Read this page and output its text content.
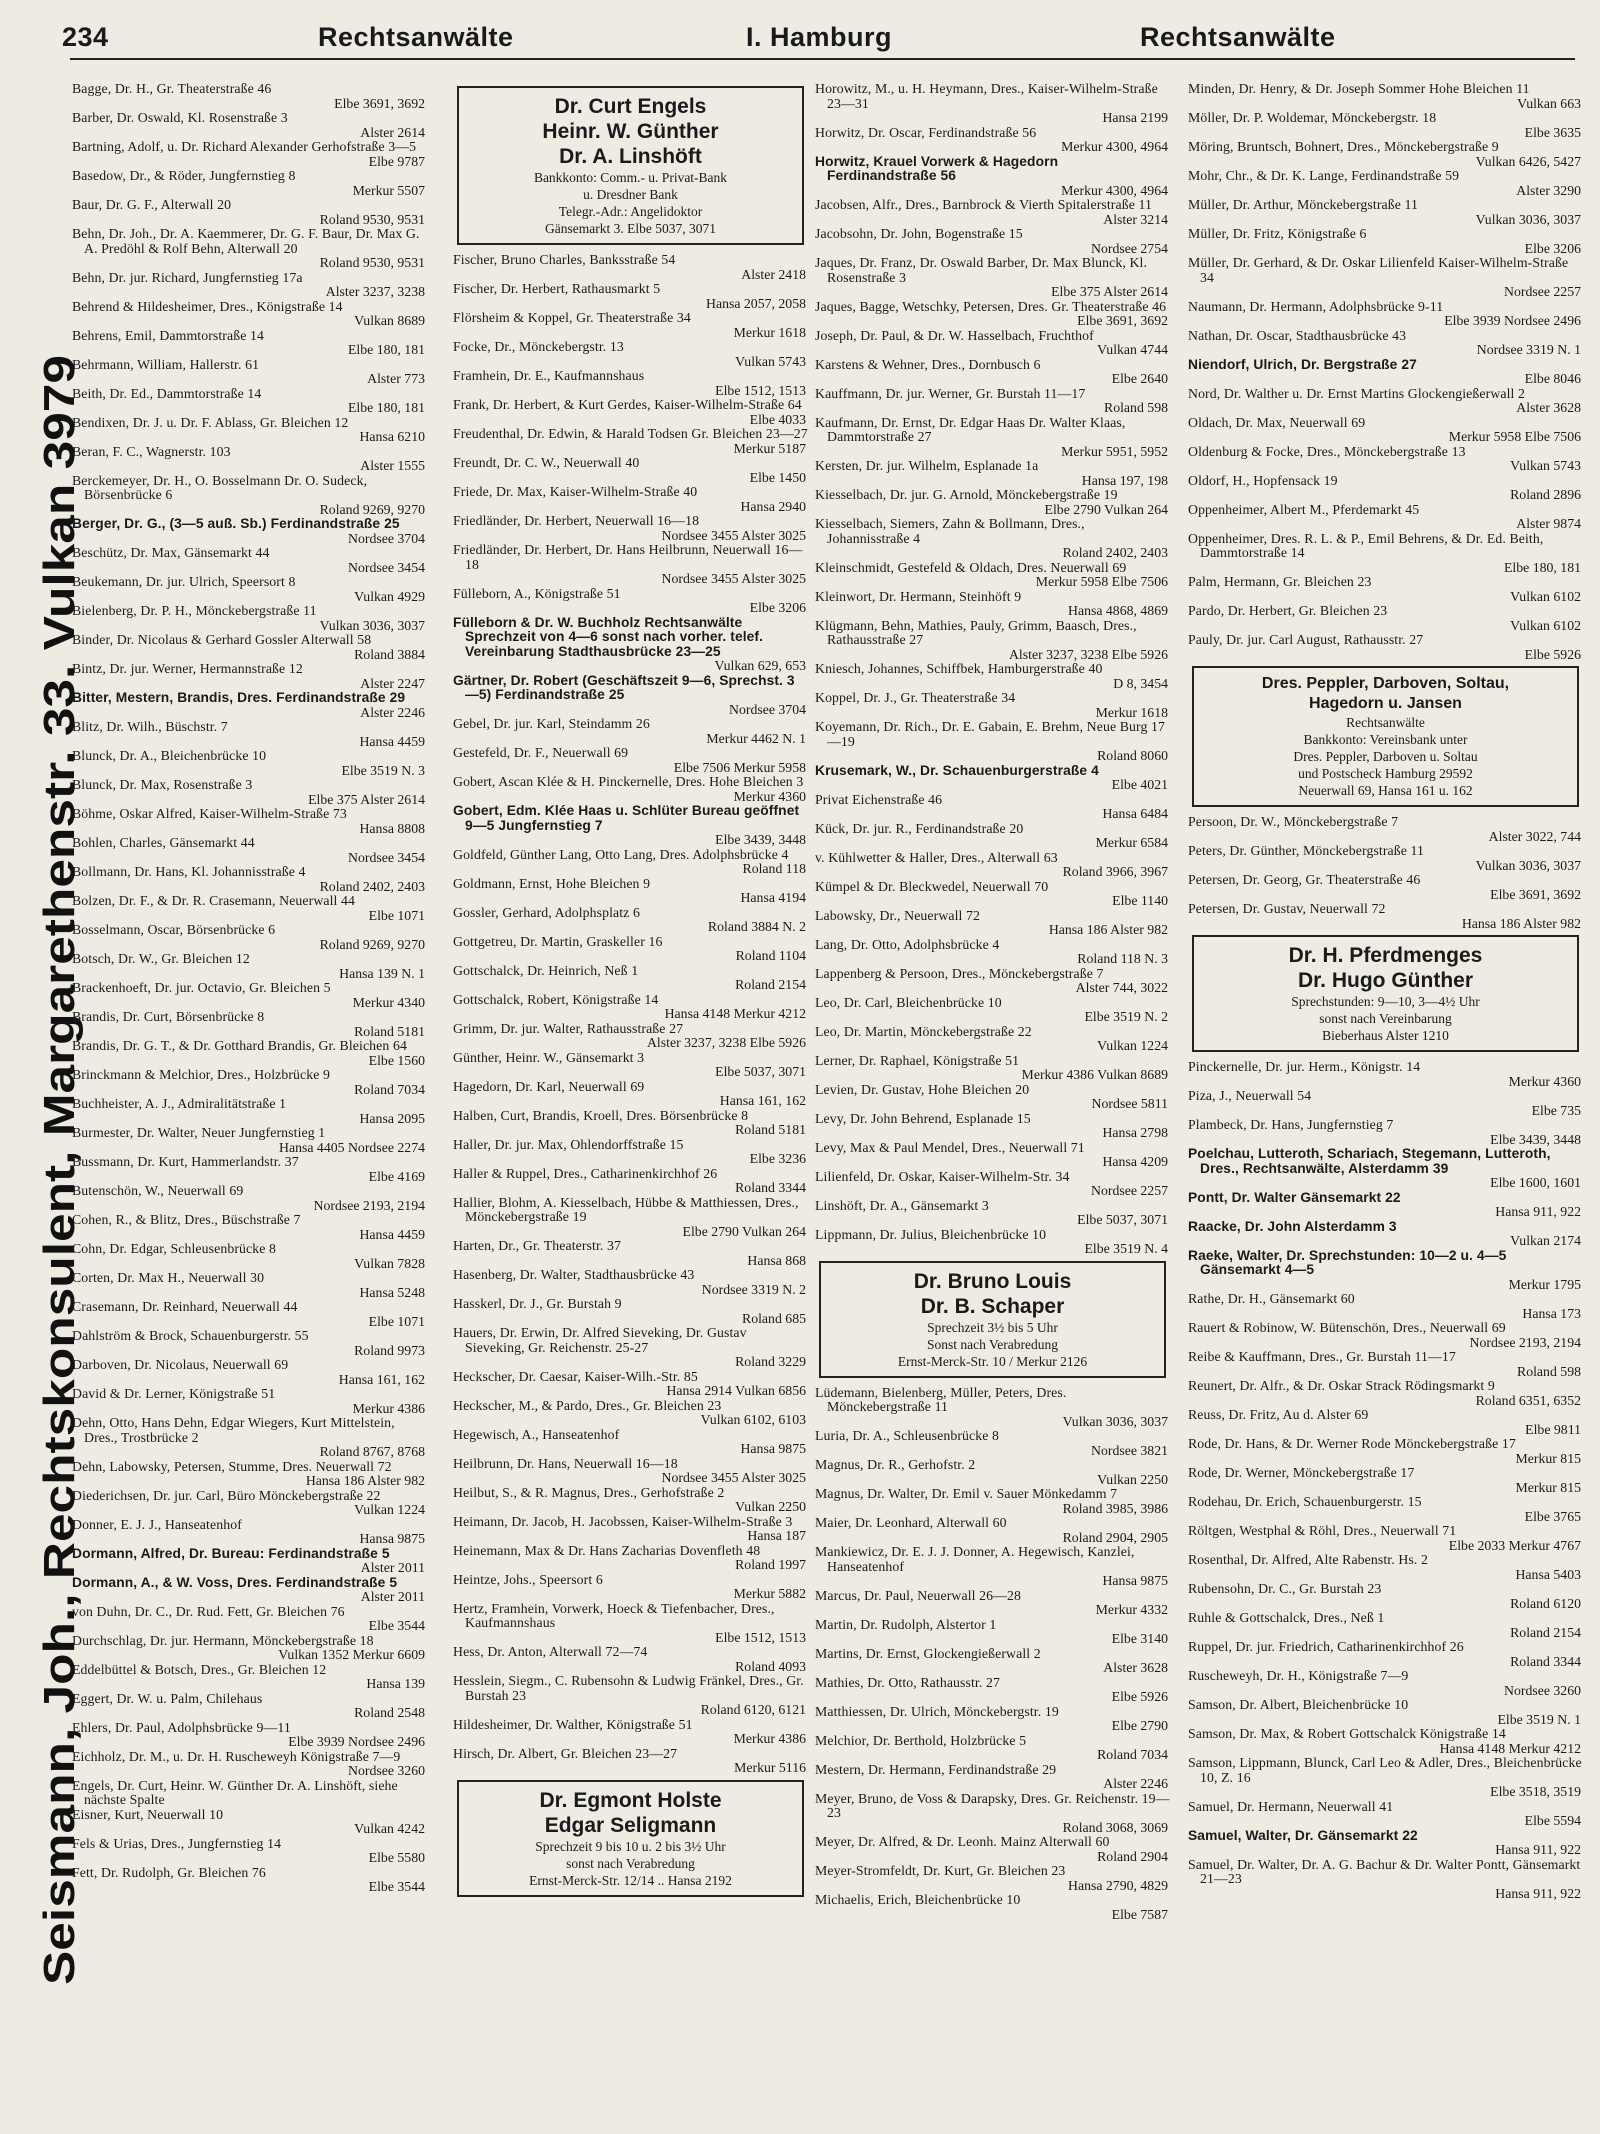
234	Rechtsanwälte	I. Hamburg	Rechtsanwälte
Seismann, Joh., Rechtskonsulent, Margarethenstr. 33. Vulkan 3979

Bagge, Dr. H., Gr. Theaterstraße 46
Elbe 3691, 3692

Barber, Dr. Oswald, Kl. Rosenstraße 3
Alster 2614

Bartning, Adolf, u. Dr. Richard Alexander Gerhofstraße 3—5
Elbe 9787

Basedow, Dr., & Röder, Jungfernstieg 8
Merkur 5507

Baur, Dr. G. F., Alterwall 20
Roland 9530, 9531

Behn, Dr. Joh., Dr. A. Kaemmerer, Dr. G. F. Baur, Dr. Max G. A. Predöhl & Rolf Behn, Alterwall 20
Roland 9530, 9531

Behn, Dr. jur. Richard, Jungfernstieg 17a
Alster 3237, 3238

Behrend & Hildesheimer, Dres., Königstraße 14
Vulkan 8689

Behrens, Emil, Dammtorstraße 14
Elbe 180, 181

Behrmann, William, Hallerstr. 61
Alster 773

Beith, Dr. Ed., Dammtorstraße 14
Elbe 180, 181

Bendixen, Dr. J. u. Dr. F. Ablass, Gr. Bleichen 12
Hansa 6210

Beran, F. C., Wagnerstr. 103
Alster 1555

Berckemeyer, Dr. H., O. Bosselmann Dr. O. Sudeck, Börsenbrücke 6
Roland 9269, 9270

Berger, Dr. G., (3—5 auß. Sb.) Ferdinandstraße 25
Nordsee 3704

Beschütz, Dr. Max, Gänsemarkt 44
Nordsee 3454

Beukemann, Dr. jur. Ulrich, Speersort 8
Vulkan 4929

Bielenberg, Dr. P. H., Mönckebergstraße 11
Vulkan 3036, 3037

Binder, Dr. Nicolaus & Gerhard Gossler Alterwall 58
Roland 3884

Bintz, Dr. jur. Werner, Hermannstraße 12
Alster 2247

Bitter, Mestern, Brandis, Dres. Ferdinandstraße 29
Alster 2246

Blitz, Dr. Wilh., Büschstr. 7
Hansa 4459

Blunck, Dr. A., Bleichenbrücke 10
Elbe 3519 N. 3

Blunck, Dr. Max, Rosenstraße 3
Elbe 375 Alster 2614

Böhme, Oskar Alfred, Kaiser-Wilhelm-Straße 73
Hansa 8808

Bohlen, Charles, Gänsemarkt 44
Nordsee 3454

Bollmann, Dr. Hans, Kl. Johannisstraße 4
Roland 2402, 2403

Bolzen, Dr. F., & Dr. R. Crasemann, Neuerwall 44
Elbe 1071

Bosselmann, Oscar, Börsenbrücke 6
Roland 9269, 9270

Botsch, Dr. W., Gr. Bleichen 12
Hansa 139 N. 1

Brackenhoeft, Dr. jur. Octavio, Gr. Bleichen 5
Merkur 4340

Brandis, Dr. Curt, Börsenbrücke 8
Roland 5181

Brandis, Dr. G. T., & Dr. Gotthard Brandis, Gr. Bleichen 64
Elbe 1560

Brinckmann & Melchior, Dres., Holzbrücke 9
Roland 7034

Buchheister, A. J., Admiralitätstraße 1
Hansa 2095

Burmester, Dr. Walter, Neuer Jungfernstieg 1
Hansa 4405 Nordsee 2274

Bussmann, Dr. Kurt, Hammerlandstr. 37
Elbe 4169

Butenschön, W., Neuerwall 69
Nordsee 2193, 2194

Cohen, R., & Blitz, Dres., Büschstraße 7
Hansa 4459

Cohn, Dr. Edgar, Schleusenbrücke 8
Vulkan 7828

Corten, Dr. Max H., Neuerwall 30
Hansa 5248

Crasemann, Dr. Reinhard, Neuerwall 44
Elbe 1071

Dahlström & Brock, Schauenburgerstr. 55
Roland 9973

Darboven, Dr. Nicolaus, Neuerwall 69
Hansa 161, 162

David & Dr. Lerner, Königstraße 51
Merkur 4386

Dehn, Otto, Hans Dehn, Edgar Wiegers, Kurt Mittelstein, Dres., Trostbrücke 2
Roland 8767, 8768

Dehn, Labowsky, Petersen, Stumme, Dres. Neuerwall 72
Hansa 186 Alster 982

Diederichsen, Dr. jur. Carl, Büro Mönckebergstraße 22
Vulkan 1224

Donner, E. J. J., Hanseatenhof
Hansa 9875

Dormann, Alfred, Dr. Bureau: Ferdinandstraße 5
Alster 2011

Dormann, A., & W. Voss, Dres. Ferdinandstraße 5
Alster 2011

von Duhn, Dr. C., Dr. Rud. Fett, Gr. Bleichen 76
Elbe 3544

Durchschlag, Dr. jur. Hermann, Mönckebergstraße 18
Vulkan 1352 Merkur 6609

Eddelbüttel & Botsch, Dres., Gr. Bleichen 12
Hansa 139

Eggert, Dr. W. u. Palm, Chilehaus
Roland 2548

Ehlers, Dr. Paul, Adolphsbrücke 9—11
Elbe 3939 Nordsee 2496

Eichholz, Dr. M., u. Dr. H. Ruscheweyh Königstraße 7—9
Nordsee 3260

Engels, Dr. Curt, Heinr. W. Günther Dr. A. Linshöft, siehe nächste Spalte

Eisner, Kurt, Neuerwall 10
Vulkan 4242

Fels & Urias, Dres., Jungfernstieg 14
Elbe 5580

Fett, Dr. Rudolph, Gr. Bleichen 76
Elbe 3544

Dr. Curt Engels
Heinr. W. Günther
Dr. A. Linshöft
Bankkonto: Comm.- u. Privat-Bank
u. Dresdner Bank
Telegr.-Adr.: Angelidoktor
Gänsemarkt 3. Elbe 5037, 3071

Fischer, Bruno Charles, Banksstraße 54
Alster 2418

Fischer, Dr. Herbert, Rathausmarkt 5
Hansa 2057, 2058

Flörsheim & Koppel, Gr. Theaterstraße 34
Merkur 1618

Focke, Dr., Mönckebergstr. 13
Vulkan 5743

Framhein, Dr. E., Kaufmannshaus
Elbe 1512, 1513

Frank, Dr. Herbert, & Kurt Gerdes, Kaiser-Wilhelm-Straße 64
Elbe 4033

Freudenthal, Dr. Edwin, & Harald Todsen Gr. Bleichen 23—27
Merkur 5187

Freundt, Dr. C. W., Neuerwall 40
Elbe 1450

Friede, Dr. Max, Kaiser-Wilhelm-Straße 40
Hansa 2940

Friedländer, Dr. Herbert, Neuerwall 16—18
Nordsee 3455 Alster 3025

Friedländer, Dr. Herbert, Dr. Hans Heilbrunn, Neuerwall 16—18
Nordsee 3455 Alster 3025

Fülleborn, A., Königstraße 51
Elbe 3206

Fülleborn & Dr. W. Buchholz Rechtsanwälte Sprechzeit von 4—6 sonst nach vorher. telef. Vereinbarung Stadthausbrücke 23—25
Vulkan 629, 653

Gärtner, Dr. Robert (Geschäftszeit 9—6, Sprechst. 3—5) Ferdinandstraße 25
Nordsee 3704

Gebel, Dr. jur. Karl, Steindamm 26
Merkur 4462 N. 1

Gestefeld, Dr. F., Neuerwall 69
Elbe 7506 Merkur 5958

Gobert, Ascan Klée & H. Pinckernelle, Dres. Hohe Bleichen 3
Merkur 4360

Gobert, Edm. Klée Haas u. Schlüter Bureau geöffnet 9—5 Jungfernstieg 7
Elbe 3439, 3448

Goldfeld, Günther Lang, Otto Lang, Dres. Adolphsbrücke 4
Roland 118

Goldmann, Ernst, Hohe Bleichen 9
Hansa 4194

Gossler, Gerhard, Adolphsplatz 6
Roland 3884 N. 2

Gottgetreu, Dr. Martin, Graskeller 16
Roland 1104

Gottschalck, Dr. Heinrich, Neß 1
Roland 2154

Gottschalck, Robert, Königstraße 14
Hansa 4148 Merkur 4212

Grimm, Dr. jur. Walter, Rathausstraße 27
Alster 3237, 3238 Elbe 5926

Günther, Heinr. W., Gänsemarkt 3
Elbe 5037, 3071

Hagedorn, Dr. Karl, Neuerwall 69
Hansa 161, 162

Halben, Curt, Brandis, Kroell, Dres. Börsenbrücke 8
Roland 5181

Haller, Dr. jur. Max, Ohlendorffstraße 15
Elbe 3236

Haller & Ruppel, Dres., Catharinenkirchhof 26
Roland 3344

Hallier, Blohm, A. Kiesselbach, Hübbe & Matthiessen, Dres., Mönckebergstraße 19
Elbe 2790 Vulkan 264

Harten, Dr., Gr. Theaterstr. 37
Hansa 868

Hasenberg, Dr. Walter, Stadthausbrücke 43
Nordsee 3319 N. 2

Hasskerl, Dr. J., Gr. Burstah 9
Roland 685

Hauers, Dr. Erwin, Dr. Alfred Sieveking, Dr. Gustav Sieveking, Gr. Reichenstr. 25-27
Roland 3229

Heckscher, Dr. Caesar, Kaiser-Wilh.-Str. 85
Hansa 2914 Vulkan 6856

Heckscher, M., & Pardo, Dres., Gr. Bleichen 23
Vulkan 6102, 6103

Hegewisch, A., Hanseatenhof
Hansa 9875

Heilbrunn, Dr. Hans, Neuerwall 16—18
Nordsee 3455 Alster 3025

Heilbut, S., & R. Magnus, Dres., Gerhofstraße 2
Vulkan 2250

Heimann, Dr. Jacob, H. Jacobssen, Kaiser-Wilhelm-Straße 3
Hansa 187

Heinemann, Max & Dr. Hans Zacharias Dovenfleth 48
Roland 1997

Heintze, Johs., Speersort 6
Merkur 5882

Hertz, Framhein, Vorwerk, Hoeck & Tiefenbacher, Dres., Kaufmannshaus
Elbe 1512, 1513

Hess, Dr. Anton, Alterwall 72—74
Roland 4093

Hesslein, Siegm., C. Rubensohn & Ludwig Fränkel, Dres., Gr. Burstah 23
Roland 6120, 6121

Hildesheimer, Dr. Walther, Königstraße 51
Merkur 4386

Hirsch, Dr. Albert, Gr. Bleichen 23—27
Merkur 5116

Dr. Egmont Holste
Edgar Seligmann
Sprechzeit 9 bis 10 u. 2 bis 3½ Uhr
sonst nach Verabredung
Ernst-Merck-Str. 12/14 .. Hansa 2192

Horowitz, M., u. H. Heymann, Dres., Kaiser-Wilhelm-Straße 23—31
Hansa 2199

Horwitz, Dr. Oscar, Ferdinandstraße 56
Merkur 4300, 4964

Horwitz, Krauel Vorwerk & Hagedorn Ferdinandstraße 56
Merkur 4300, 4964

Jacobsen, Alfr., Dres., Barnbrock & Vierth Spitalerstraße 11
Alster 3214

Jacobsohn, Dr. John, Bogenstraße 15
Nordsee 2754

Jaques, Dr. Franz, Dr. Oswald Barber, Dr. Max Blunck, Kl. Rosenstraße 3
Elbe 375 Alster 2614

Jaques, Bagge, Wetschky, Petersen, Dres. Gr. Theaterstraße 46
Elbe 3691, 3692

Joseph, Dr. Paul, & Dr. W. Hasselbach, Fruchthof
Vulkan 4744

Karstens & Wehner, Dres., Dornbusch 6
Elbe 2640

Kauffmann, Dr. jur. Werner, Gr. Burstah 11—17
Roland 598

Kaufmann, Dr. Ernst, Dr. Edgar Haas Dr. Walter Klaas, Dammtorstraße 27
Merkur 5951, 5952

Kersten, Dr. jur. Wilhelm, Esplanade 1a
Hansa 197, 198

Kiesselbach, Dr. jur. G. Arnold, Mönckebergstraße 19
Elbe 2790 Vulkan 264

Kiesselbach, Siemers, Zahn & Bollmann, Dres., Johannisstraße 4
Roland 2402, 2403

Kleinschmidt, Gestefeld & Oldach, Dres. Neuerwall 69
Merkur 5958 Elbe 7506

Kleinwort, Dr. Hermann, Steinhöft 9
Hansa 4868, 4869

Klügmann, Behn, Mathies, Pauly, Grimm, Baasch, Dres., Rathausstraße 27
Alster 3237, 3238 Elbe 5926

Kniesch, Johannes, Schiffbek, Hamburgerstraße 40
D 8, 3454

Koppel, Dr. J., Gr. Theaterstraße 34
Merkur 1618

Koyemann, Dr. Rich., Dr. E. Gabain, E. Brehm, Neue Burg 17—19
Roland 8060

Krusemark, W., Dr. Schauenburgerstraße 4
Elbe 4021

Privat Eichenstraße 46
Hansa 6484

Kück, Dr. jur. R., Ferdinandstraße 20
Merkur 6584

v. Kühlwetter & Haller, Dres., Alterwall 63
Roland 3966, 3967

Kümpel & Dr. Bleckwedel, Neuerwall 70
Elbe 1140

Labowsky, Dr., Neuerwall 72
Hansa 186 Alster 982

Lang, Dr. Otto, Adolphsbrücke 4
Roland 118 N. 3

Lappenberg & Persoon, Dres., Mönckebergstraße 7
Alster 744, 3022

Leo, Dr. Carl, Bleichenbrücke 10
Elbe 3519 N. 2

Leo, Dr. Martin, Mönckebergstraße 22
Vulkan 1224

Lerner, Dr. Raphael, Königstraße 51
Merkur 4386 Vulkan 8689

Levien, Dr. Gustav, Hohe Bleichen 20
Nordsee 5811

Levy, Dr. John Behrend, Esplanade 15
Hansa 2798

Levy, Max & Paul Mendel, Dres., Neuerwall 71
Hansa 4209

Lilienfeld, Dr. Oskar, Kaiser-Wilhelm-Str. 34
Nordsee 2257

Linshöft, Dr. A., Gänsemarkt 3
Elbe 5037, 3071

Lippmann, Dr. Julius, Bleichenbrücke 10
Elbe 3519 N. 4

Dr. Bruno Louis
Dr. B. Schaper
Sprechzeit 3½ bis 5 Uhr
Sonst nach Verabredung
Ernst-Merck-Str. 10 / Merkur 2126

Lüdemann, Bielenberg, Müller, Peters, Dres. Mönckebergstraße 11
Vulkan 3036, 3037

Luria, Dr. A., Schleusenbrücke 8
Nordsee 3821

Magnus, Dr. R., Gerhofstr. 2
Vulkan 2250

Magnus, Dr. Walter, Dr. Emil v. Sauer Mönkedamm 7
Roland 3985, 3986

Maier, Dr. Leonhard, Alterwall 60
Roland 2904, 2905

Mankiewicz, Dr. E. J. J. Donner, A. Hegewisch, Kanzlei, Hanseatenhof
Hansa 9875

Marcus, Dr. Paul, Neuerwall 26—28
Merkur 4332

Martin, Dr. Rudolph, Alstertor 1
Elbe 3140

Martins, Dr. Ernst, Glockengießerwall 2
Alster 3628

Mathies, Dr. Otto, Rathausstr. 27
Elbe 5926

Matthiessen, Dr. Ulrich, Mönckebergstr. 19
Elbe 2790

Melchior, Dr. Berthold, Holzbrücke 5
Roland 7034

Mestern, Dr. Hermann, Ferdinandstraße 29
Alster 2246

Meyer, Bruno, de Voss & Darapsky, Dres. Gr. Reichenstr. 19—23
Roland 3068, 3069

Meyer, Dr. Alfred, & Dr. Leonh. Mainz Alterwall 60
Roland 2904

Meyer-Stromfeldt, Dr. Kurt, Gr. Bleichen 23
Hansa 2790, 4829

Michaelis, Erich, Bleichenbrücke 10
Elbe 7587

Minden, Dr. Henry, & Dr. Joseph Sommer Hohe Bleichen 11
Vulkan 663

Möller, Dr. P. Woldemar, Mönckebergstr. 18
Elbe 3635

Möring, Bruntsch, Bohnert, Dres., Mönckebergstraße 9
Vulkan 6426, 5427

Mohr, Chr., & Dr. K. Lange, Ferdinandstraße 59
Alster 3290

Müller, Dr. Arthur, Mönckebergstraße 11
Vulkan 3036, 3037

Müller, Dr. Fritz, Königstraße 6
Elbe 3206

Müller, Dr. Gerhard, & Dr. Oskar Lilienfeld Kaiser-Wilhelm-Straße 34
Nordsee 2257

Naumann, Dr. Hermann, Adolphsbrücke 9-11
Elbe 3939 Nordsee 2496

Nathan, Dr. Oscar, Stadthausbrücke 43
Nordsee 3319 N. 1

Niendorf, Ulrich, Dr. Bergstraße 27
Elbe 8046

Nord, Dr. Walther u. Dr. Ernst Martins Glockengießerwall 2
Alster 3628

Oldach, Dr. Max, Neuerwall 69
Merkur 5958 Elbe 7506

Oldenburg & Focke, Dres., Mönckebergstraße 13
Vulkan 5743

Oldorf, H., Hopfensack 19
Roland 2896

Oppenheimer, Albert M., Pferdemarkt 45
Alster 9874

Oppenheimer, Dres. R. L. & P., Emil Behrens, & Dr. Ed. Beith, Dammtorstraße 14
Elbe 180, 181

Palm, Hermann, Gr. Bleichen 23
Vulkan 6102

Pardo, Dr. Herbert, Gr. Bleichen 23
Vulkan 6102

Pauly, Dr. jur. Carl August, Rathausstr. 27
Elbe 5926

Dres. Peppler, Darboven, Soltau,
Hagedorn u. Jansen
Rechtsanwälte
Bankkonto: Vereinsbank unter
Dres. Peppler, Darboven u. Soltau
und Postscheck Hamburg 29592
Neuerwall 69, Hansa 161 u. 162

Persoon, Dr. W., Mönckebergstraße 7
Alster 3022, 744

Peters, Dr. Günther, Mönckebergstraße 11
Vulkan 3036, 3037

Petersen, Dr. Georg, Gr. Theaterstraße 46
Elbe 3691, 3692

Petersen, Dr. Gustav, Neuerwall 72
Hansa 186 Alster 982

Dr. H. Pferdmenges
Dr. Hugo Günther
Sprechstunden: 9—10, 3—4½ Uhr
sonst nach Vereinbarung
Bieberhaus Alster 1210

Pinckernelle, Dr. jur. Herm., Königstr. 14
Merkur 4360

Piza, J., Neuerwall 54
Elbe 735

Plambeck, Dr. Hans, Jungfernstieg 7
Elbe 3439, 3448

Poelchau, Lutteroth, Schariach, Stegemann, Lutteroth, Dres., Rechtsanwälte, Alsterdamm 39
Elbe 1600, 1601

Pontt, Dr. Walter Gänsemarkt 22
Hansa 911, 922

Raacke, Dr. John Alsterdamm 3
Vulkan 2174

Raeke, Walter, Dr. Sprechstunden: 10—2 u. 4—5 Gänsemarkt 4—5
Merkur 1795

Rathe, Dr. H., Gänsemarkt 60
Hansa 173

Rauert & Robinow, W. Bütenschön, Dres., Neuerwall 69
Nordsee 2193, 2194

Reibe & Kauffmann, Dres., Gr. Burstah 11—17
Roland 598

Reunert, Dr. Alfr., & Dr. Oskar Strack Rödingsmarkt 9
Roland 6351, 6352

Reuss, Dr. Fritz, Au d. Alster 69
Elbe 9811

Rode, Dr. Hans, & Dr. Werner Rode Mönckebergstraße 17
Merkur 815

Rode, Dr. Werner, Mönckebergstraße 17
Merkur 815

Rodehau, Dr. Erich, Schauenburgerstr. 15
Elbe 3765

Röltgen, Westphal & Röhl, Dres., Neuerwall 71
Elbe 2033 Merkur 4767

Rosenthal, Dr. Alfred, Alte Rabenstr. Hs. 2
Hansa 5403

Rubensohn, Dr. C., Gr. Burstah 23
Roland 6120

Ruhle & Gottschalck, Dres., Neß 1
Roland 2154

Ruppel, Dr. jur. Friedrich, Catharinenkirchhof 26
Roland 3344

Ruscheweyh, Dr. H., Königstraße 7—9
Nordsee 3260

Samson, Dr. Albert, Bleichenbrücke 10
Elbe 3519 N. 1

Samson, Dr. Max, & Robert Gottschalck Königstraße 14
Hansa 4148 Merkur 4212

Samson, Lippmann, Blunck, Carl Leo & Adler, Dres., Bleichenbrücke 10, Z. 16
Elbe 3518, 3519

Samuel, Dr. Hermann, Neuerwall 41
Elbe 5594

Samuel, Walter, Dr. Gänsemarkt 22
Hansa 911, 922

Samuel, Dr. Walter, Dr. A. G. Bachur & Dr. Walter Pontt, Gänsemarkt 21—23
Hansa 911, 922
